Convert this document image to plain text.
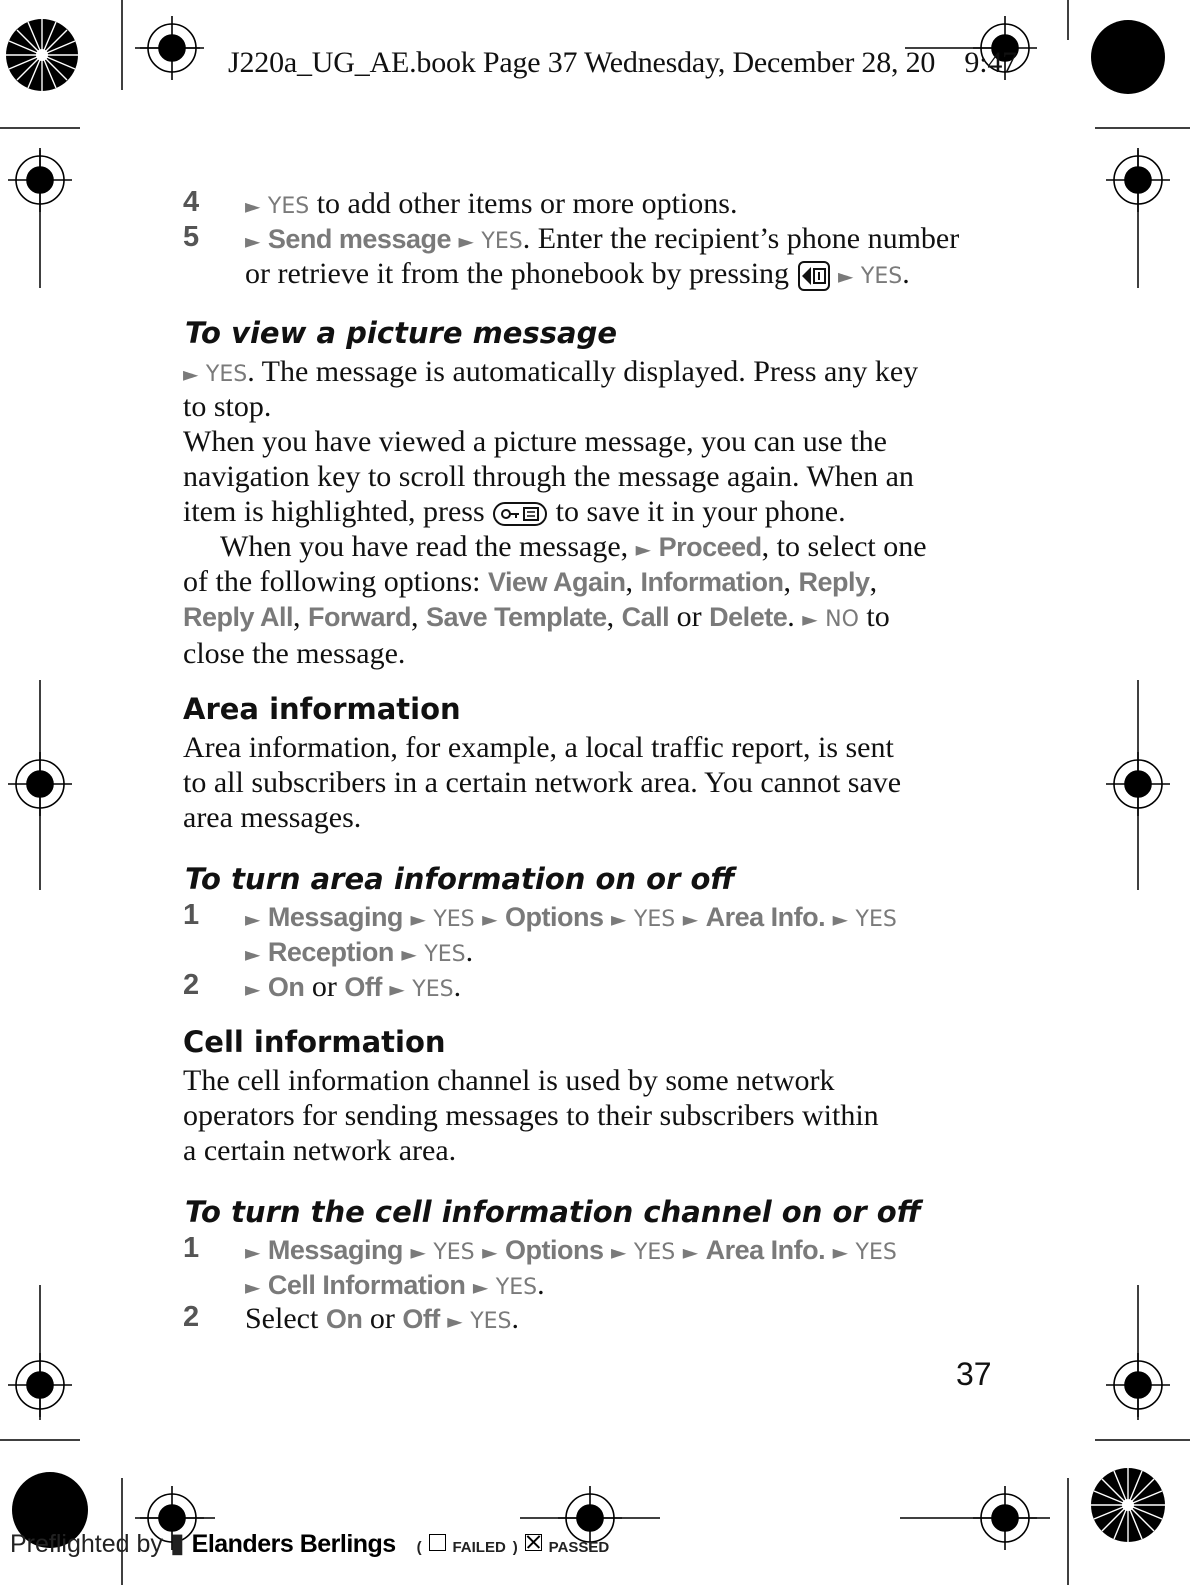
J220a_UG_AE.book Page 37 Wednesday, December 28, 20    9:47
4 ► YES to add other items or more options.
5 ► Send message ► YES. Enter the recipient’s phone number
or retrieve it from the phonebook by pressing ► YES.
To view a picture message
► YES. The message is automatically displayed. Press any key
to stop.
When you have viewed a picture message, you can use the
navigation key to scroll through the message again. When an
item is highlighted, press to save it in your phone.
When you have read the message, ► Proceed, to select one
of the following options: View Again, Information, Reply,
Reply All, Forward, Save Template, Call or Delete. ► NO to
close the message.
Area information
Area information, for example, a local traffic report, is sent
to all subscribers in a certain network area. You cannot save
area messages.
To turn area information on or off
1 ► Messaging ► YES ► Options ► YES ► Area Info. ► YES
► Reception ► YES.
2 ► On or Off ► YES.
Cell information
The cell information channel is used by some network
operators for sending messages to their subscribers within
a certain network area.
To turn the cell information channel on or off
1 ► Messaging ► YES ► Options ► YES ► Area Info. ► YES
► Cell Information ► YES.
2 Select On or Off ► YES.
37
Preflighted by ▮ Elanders Berlings ( FAILED ) PASSED
